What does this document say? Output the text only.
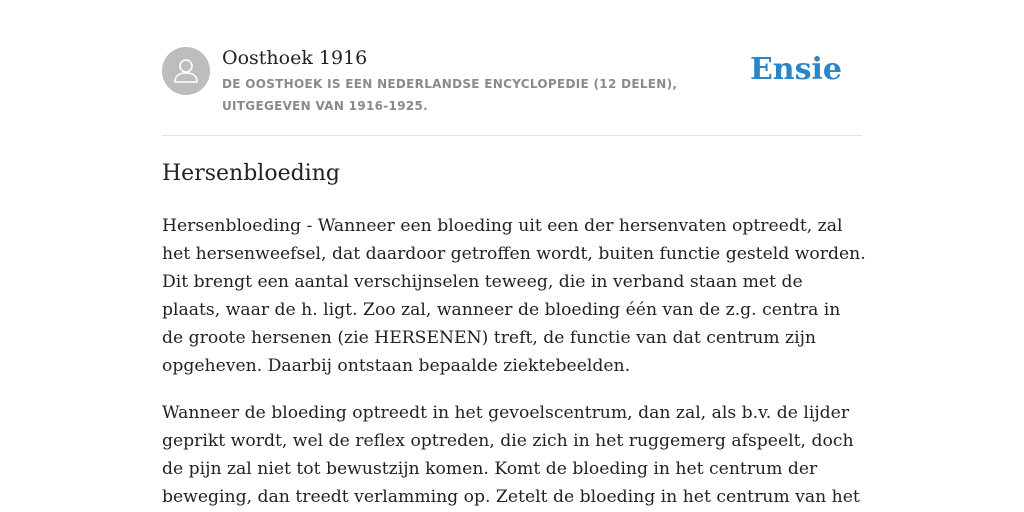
Oosthoek 1916
DE OOSTHOEK IS EEN NEDERLANDSE ENCYCLOPEDIE (12 DELEN), UITGEGEVEN VAN 1916-1925.
Ensie
Hersenbloeding

Hersenbloeding - Wanneer een bloeding uit een der hersenvaten optreedt, zal het hersenweefsel, dat daardoor getroffen wordt, buiten functie gesteld worden. Dit brengt een aantal verschijnselen teweeg, die in verband staan met de plaats, waar de h. ligt. Zoo zal, wanneer de bloeding één van de z.g. centra in de groote hersenen (zie HERSENEN) treft, de functie van dat centrum zijn opgeheven. Daarbij ontstaan bepaalde ziektebeelden.

Wanneer de bloeding optreedt in het gevoelscentrum, dan zal, als b.v. de lijder geprikt wordt, wel de reflex optreden, die zich in het ruggemerg afspeelt, doch de pijn zal niet tot bewustzijn komen. Komt de bloeding in het centrum der beweging, dan treedt verlamming op. Zetelt de bloeding in het centrum van het
